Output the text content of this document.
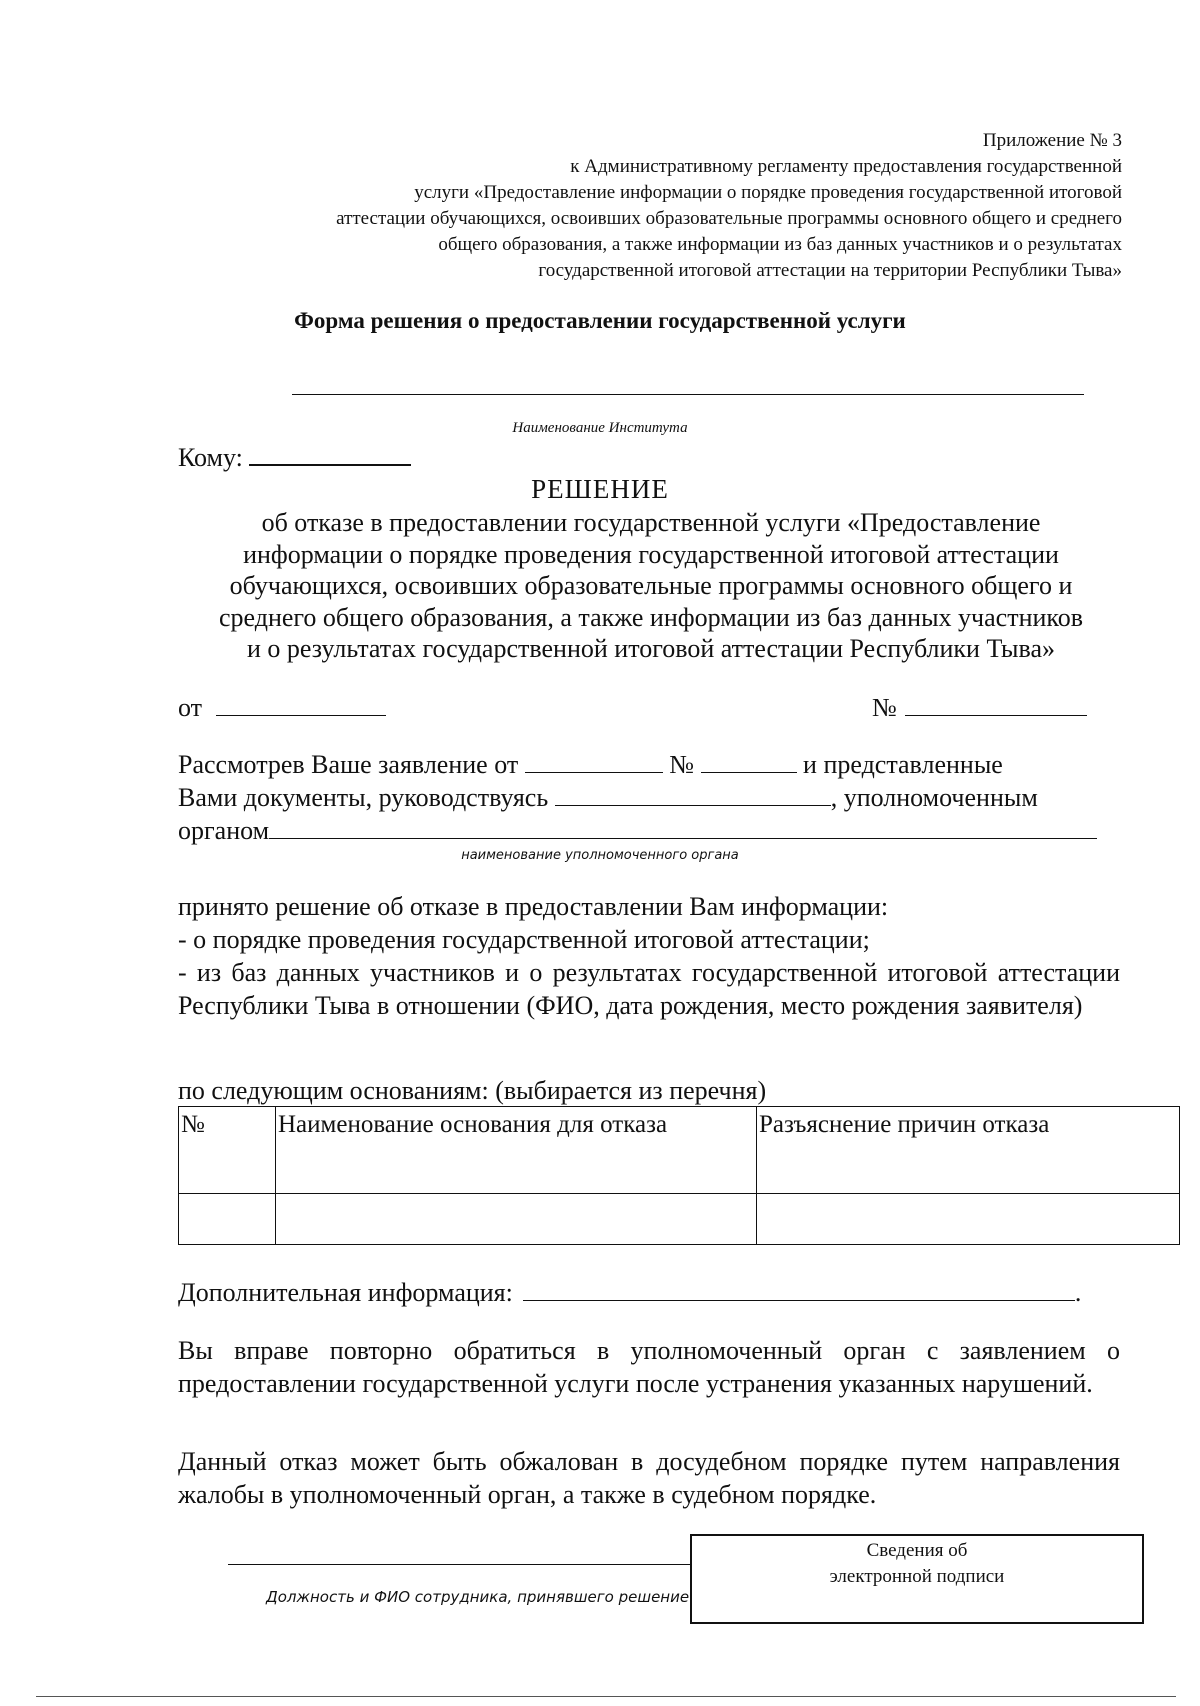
Приложение № 3
к Административному регламенту предоставления государственной
услуги «Предоставление информации о порядке проведения государственной итоговой
аттестации обучающихся, освоивших образовательные программы основного общего и среднего
общего образования, а также информации из баз данных участников и о результатах
государственной итоговой аттестации на территории Республики Тыва»
Форма решения о предоставлении государственной услуги
Наименование Института
Кому:
РЕШЕНИЕ
об отказе в предоставлении государственной услуги «Предоставление
информации о порядке проведения государственной итоговой аттестации
обучающихся, освоивших образовательные программы основного общего и
среднего общего образования, а также информации из баз данных участников
и о результатах государственной итоговой аттестации Республики Тыва»
от	№
Рассмотрев Ваше заявление от	№	и представленные
Вами документы, руководствуясь	, уполномоченным
органом
наименование уполномоченного органа
принято решение об отказе в предоставлении Вам информации:
- о порядке проведения государственной итоговой аттестации;
- из баз данных участников и о результатах государственной итоговой аттестации Республики Тыва в отношении (ФИО, дата рождения, место рождения заявителя)
по следующим основаниям: (выбирается из перечня)
№	Наименование основания для отказа	Разъяснение причин отказа

Дополнительная информация:	.
Вы вправе повторно обратиться в уполномоченный орган с заявлением о предоставлении государственной услуги после устранения указанных нарушений.
Данный отказ может быть обжалован в досудебном порядке путем направления жалобы в уполномоченный орган, а также в судебном порядке.
Должность и ФИО сотрудника, принявшего решение
Сведения об
электронной подписи
